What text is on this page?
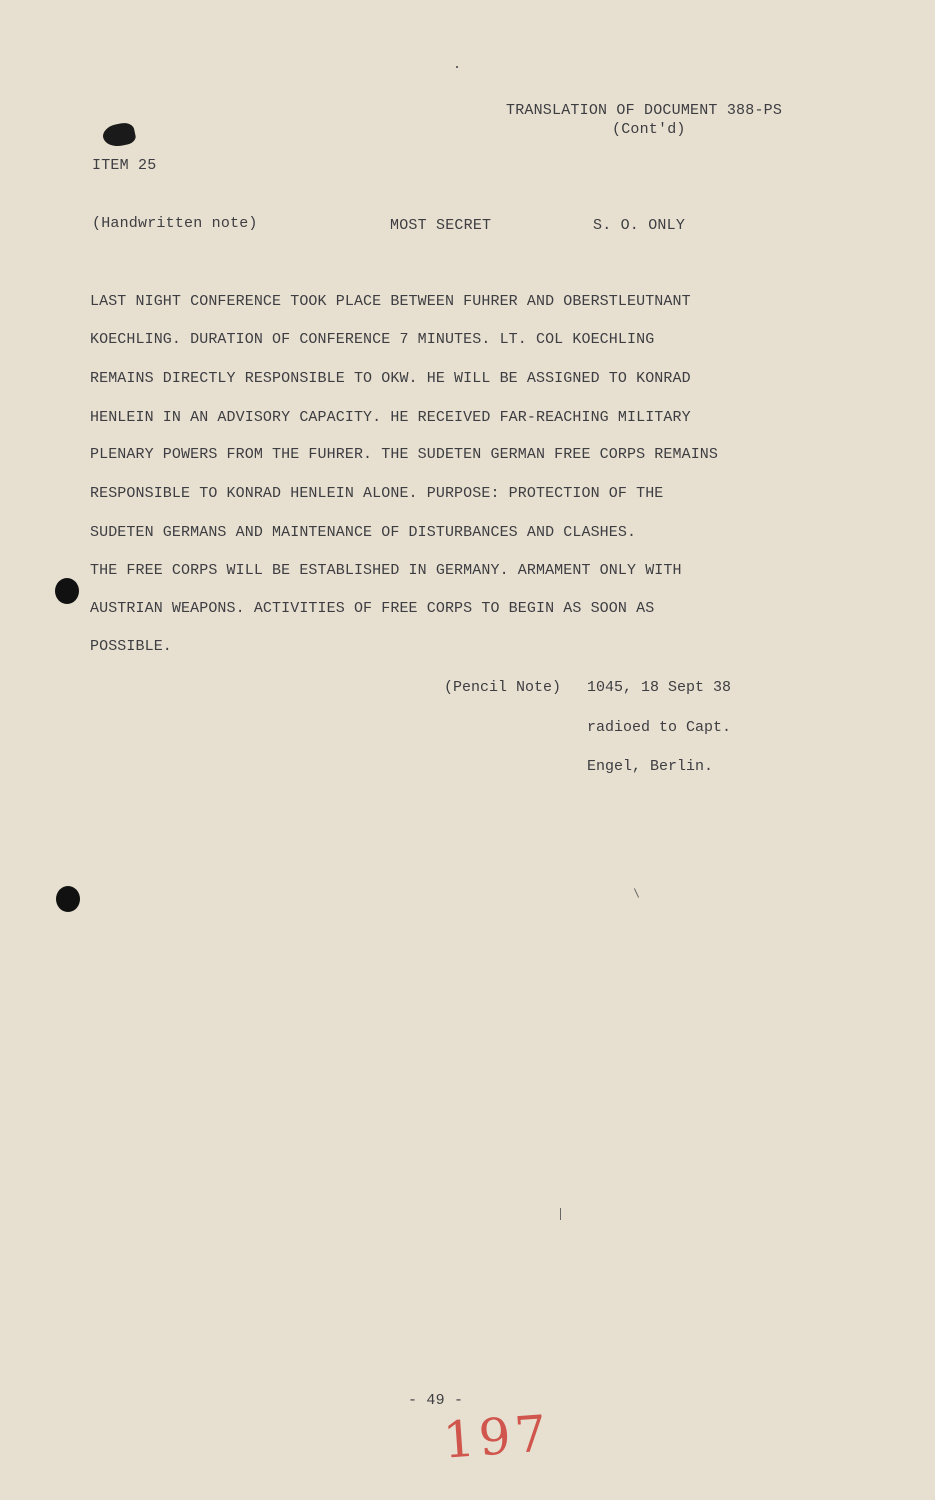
TRANSLATION OF DOCUMENT 388-PS
(Cont'd)
ITEM 25
(Handwritten note)	MOST SECRET	S. O. ONLY
LAST NIGHT CONFERENCE TOOK PLACE BETWEEN FUHRER AND OBERSTLEUTNANT
KOECHLING. DURATION OF CONFERENCE 7 MINUTES. LT. COL KOECHLING
REMAINS DIRECTLY RESPONSIBLE TO OKW. HE WILL BE ASSIGNED TO KONRAD
HENLEIN IN AN ADVISORY CAPACITY. HE RECEIVED FAR-REACHING MILITARY
PLENARY POWERS FROM THE FUHRER. THE SUDETEN GERMAN FREE CORPS REMAINS
RESPONSIBLE TO KONRAD HENLEIN ALONE. PURPOSE: PROTECTION OF THE
SUDETEN GERMANS AND MAINTENANCE OF DISTURBANCES AND CLASHES.
THE FREE CORPS WILL BE ESTABLISHED IN GERMANY. ARMAMENT ONLY WITH
AUSTRIAN WEAPONS. ACTIVITIES OF FREE CORPS TO BEGIN AS SOON AS
POSSIBLE.
(Pencil Note) 1045, 18 Sept 38
radioed to Capt.
Engel, Berlin.
- 49 -
197
